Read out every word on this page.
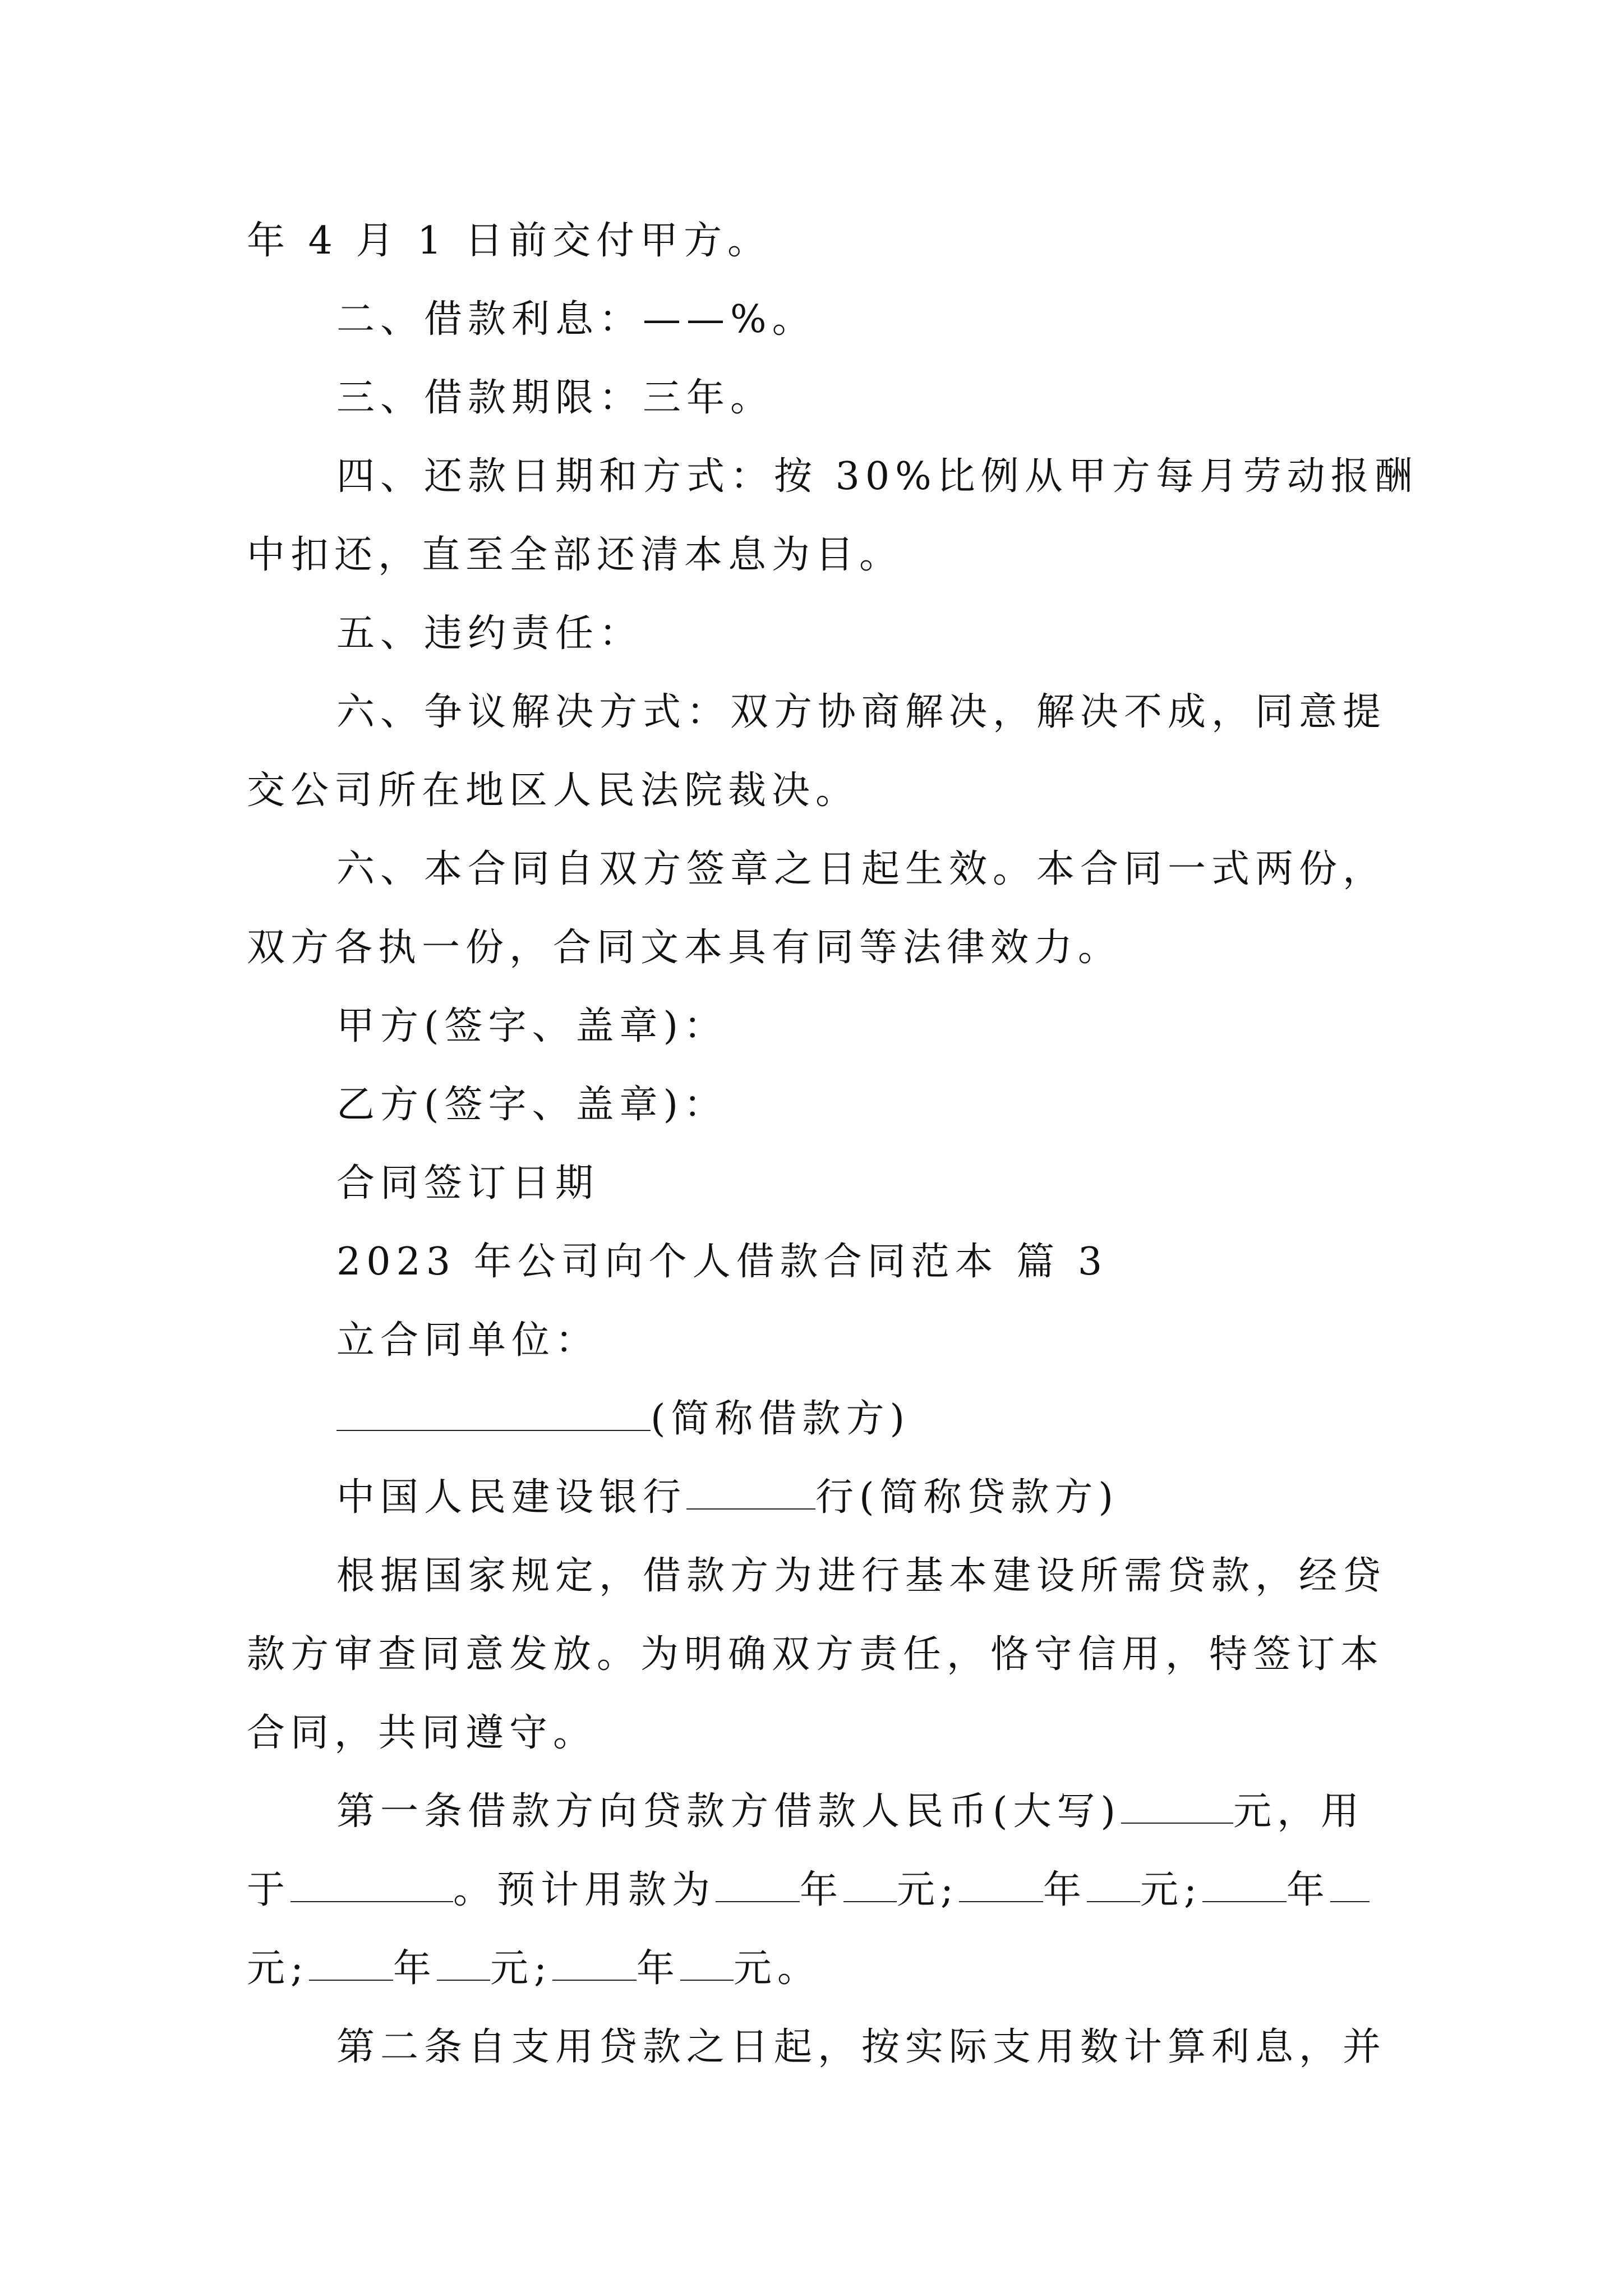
年 4 月 1 日前交付甲方。
二、借款利息：——%。
三、借款期限：三年。
四、还款日期和方式：按 30%比例从甲方每月劳动报酬
中扣还，直至全部还清本息为目。
五、违约责任：
六、争议解决方式：双方协商解决，解决不成，同意提
交公司所在地区人民法院裁决。
六、本合同自双方签章之日起生效。本合同一式两份，
双方各执一份，合同文本具有同等法律效力。
甲方(签字、盖章)：
乙方(签字、盖章)：
合同签订日期
2023 年公司向个人借款合同范本 篇 3
立合同单位：
(简称借款方)
中国人民建设银行	行(简称贷款方)
根据国家规定，借款方为进行基本建设所需贷款，经贷
款方审查同意发放。为明确双方责任，恪守信用，特签订本
合同，共同遵守。
第一条借款方向贷款方借款人民币(大写)	元，用
于	。预计用款为 年 元; 年 元; 年
元; 年 元; 年 元。
第二条自支用贷款之日起，按实际支用数计算利息，并
